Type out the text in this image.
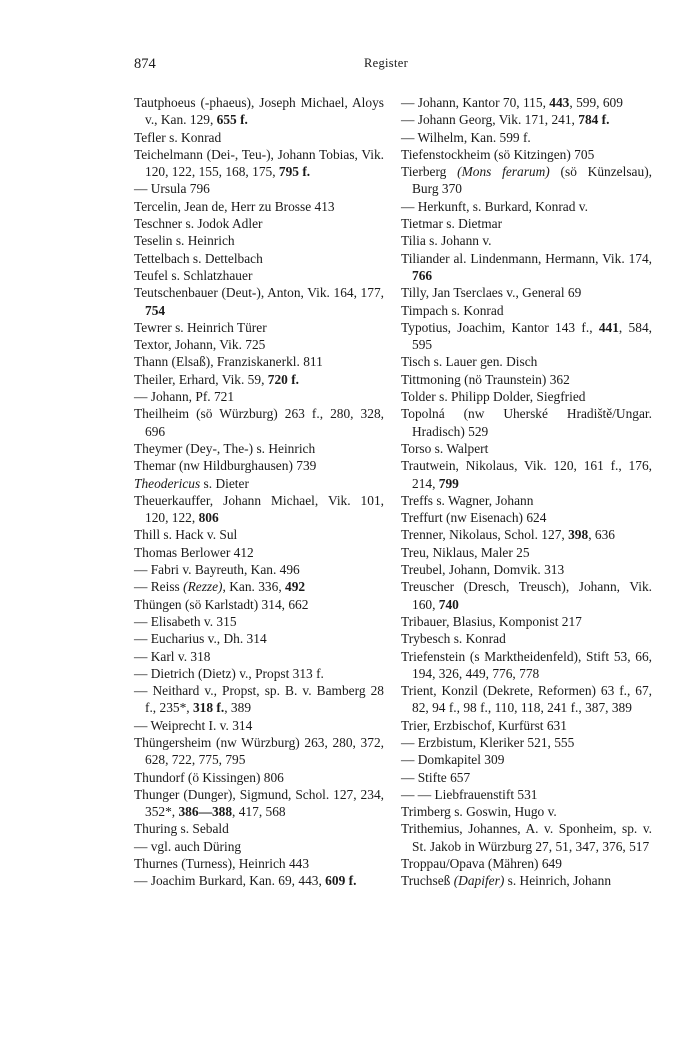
874	Register

Tautphoeus (-phaeus), Joseph Michael, Aloys v., Kan. 129, 655 f.

Tefler s. Konrad

Teichelmann (Dei-, Teu-), Johann Tobias, Vik. 120, 122, 155, 168, 175, 795 f.

— Ursula 796

Tercelin, Jean de, Herr zu Brosse 413

Teschner s. Jodok Adler

Teselin s. Heinrich

Tettelbach s. Dettelbach

Teufel s. Schlatzhauer

Teutschenbauer (Deut-), Anton, Vik. 164, 177, 754

Tewrer s. Heinrich Türer

Textor, Johann, Vik. 725

Thann (Elsaß), Franziskanerkl. 811

Theiler, Erhard, Vik. 59, 720 f.

— Johann, Pf. 721

Theilheim (sö Würzburg) 263 f., 280, 328, 696

Theymer (Dey-, The-) s. Heinrich

Themar (nw Hildburghausen) 739

Theodericus s. Dieter

Theuerkauffer, Johann Michael, Vik. 101, 120, 122, 806

Thill s. Hack v. Sul

Thomas Berlower 412

— Fabri v. Bayreuth, Kan. 496

— Reiss (Rezze), Kan. 336, 492

Thüngen (sö Karlstadt) 314, 662

— Elisabeth v. 315

— Eucharius v., Dh. 314

— Karl v. 318

— Dietrich (Dietz) v., Propst 313 f.

— Neithard v., Propst, sp. B. v. Bamberg 28 f., 235*, 318 f., 389

— Weiprecht I. v. 314

Thüngersheim (nw Würzburg) 263, 280, 372, 628, 722, 775, 795

Thundorf (ö Kissingen) 806

Thunger (Dunger), Sigmund, Schol. 127, 234, 352*, 386—388, 417, 568

Thuring s. Sebald

— vgl. auch Düring

Thurnes (Turness), Heinrich 443

— Joachim Burkard, Kan. 69, 443, 609 f.

— Johann, Kantor 70, 115, 443, 599, 609

— Johann Georg, Vik. 171, 241, 784 f.

— Wilhelm, Kan. 599 f.

Tiefenstockheim (sö Kitzingen) 705

Tierberg (Mons ferarum) (sö Künzelsau), Burg 370

— Herkunft, s. Burkard, Konrad v.

Tietmar s. Dietmar

Tilia s. Johann v.

Tiliander al. Lindenmann, Hermann, Vik. 174, 766

Tilly, Jan Tserclaes v., General 69

Timpach s. Konrad

Typotius, Joachim, Kantor 143 f., 441, 584, 595

Tisch s. Lauer gen. Disch

Tittmoning (nö Traunstein) 362

Tolder s. Philipp Dolder, Siegfried

Topolná (nw Uherské Hradiště/Ungar. Hradisch) 529

Torso s. Walpert

Trautwein, Nikolaus, Vik. 120, 161 f., 176, 214, 799

Treffs s. Wagner, Johann

Treffurt (nw Eisenach) 624

Trenner, Nikolaus, Schol. 127, 398, 636

Treu, Niklaus, Maler 25

Treubel, Johann, Domvik. 313

Treuscher (Dresch, Treusch), Johann, Vik. 160, 740

Tribauer, Blasius, Komponist 217

Trybesch s. Konrad

Triefenstein (s Marktheidenfeld), Stift 53, 66, 194, 326, 449, 776, 778

Trient, Konzil (Dekrete, Reformen) 63 f., 67, 82, 94 f., 98 f., 110, 118, 241 f., 387, 389

Trier, Erzbischof, Kurfürst 631

— Erzbistum, Kleriker 521, 555

— Domkapitel 309

— Stifte 657

— — Liebfrauenstift 531

Trimberg s. Goswin, Hugo v.

Trithemius, Johannes, A. v. Sponheim, sp. v. St. Jakob in Würzburg 27, 51, 347, 376, 517

Troppau/Opava (Mähren) 649

Truchseß (Dapifer) s. Heinrich, Johann
